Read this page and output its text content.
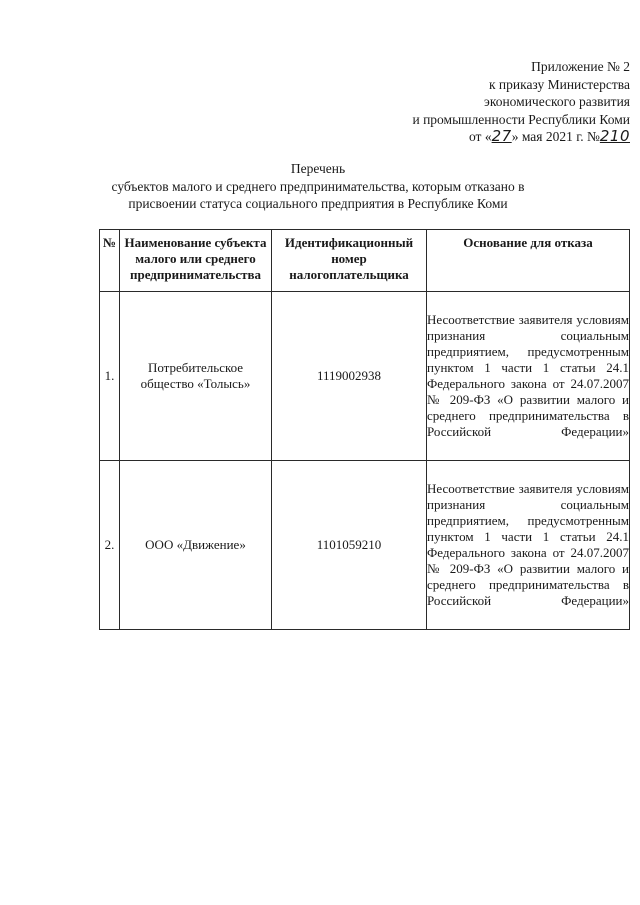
Приложение № 2
к приказу Министерства
экономического развития
и промышленности Республики Коми
от «27» мая 2021 г. №210
Перечень
субъектов малого и среднего предпринимательства, которым отказано в присвоении статуса социального предприятия в Республике Коми
№	Наименование субъекта малого или среднего предпринимательства	Идентификационный номер налогоплательщика	Основание для отказа
1.	Потребительское общество «Толысь»	1119002938	Несоответствие заявителя условиям признания социальным предприятием, предусмотренным пунктом 1 части 1 статьи 24.1 Федерального закона от 24.07.2007 № 209-ФЗ «О развитии малого и среднего предпринимательства в Российской Федерации»
2.	ООО «Движение»	1101059210	Несоответствие заявителя условиям признания социальным предприятием, предусмотренным пунктом 1 части 1 статьи 24.1 Федерального закона от 24.07.2007 № 209-ФЗ «О развитии малого и среднего предпринимательства в Российской Федерации»
